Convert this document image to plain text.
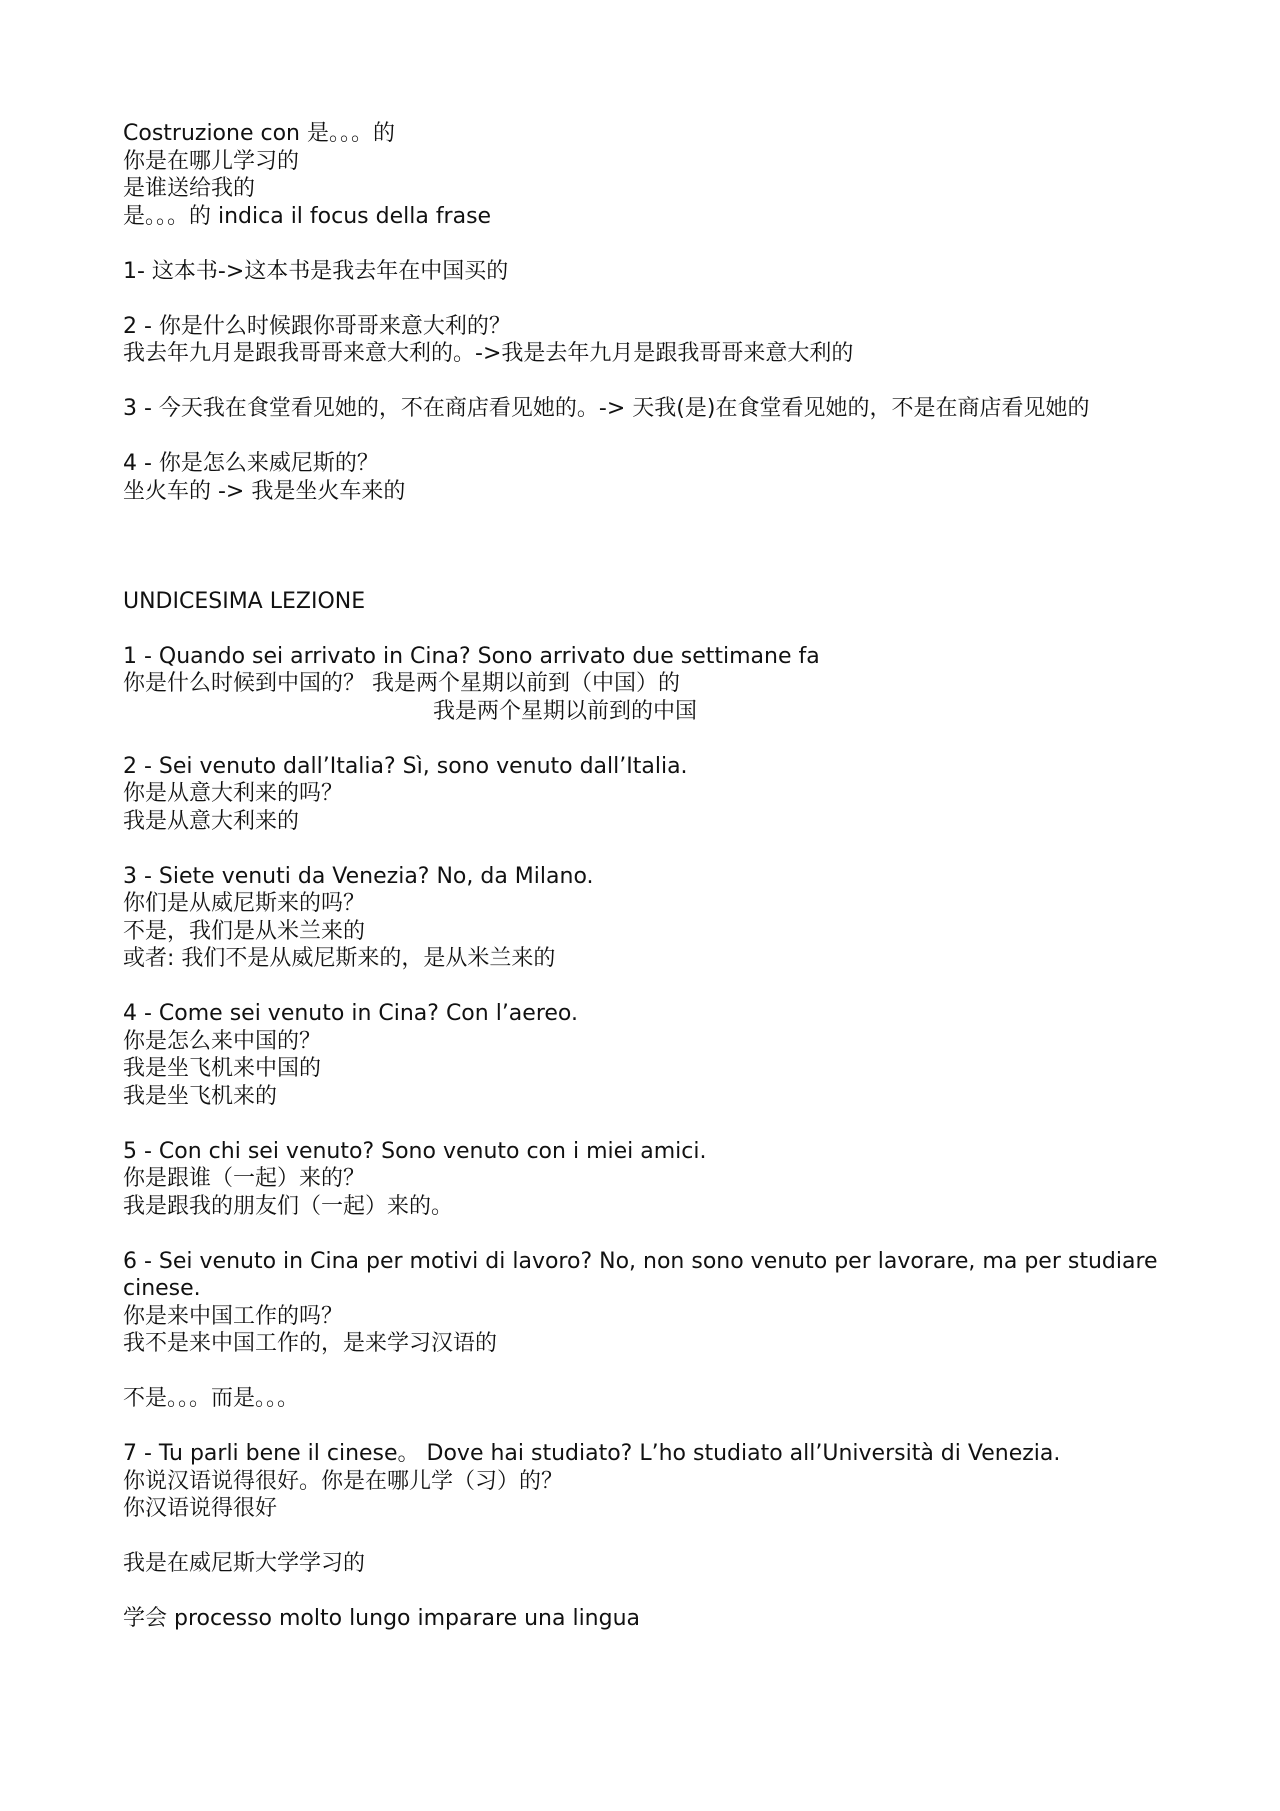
Costruzione con 是。。。的
你是在哪儿学习的
是谁送给我的
是。。。的 indica il focus della frase
1- 这本书->这本书是我去年在中国买的
2 - 你是什么时候跟你哥哥来意大利的？
我去年九月是跟我哥哥来意大利的。->我是去年九月是跟我哥哥来意大利的
3 - 今天我在食堂看见她的，不在商店看见她的。-> 天我(是)在食堂看见她的，不是在商店看见她的
4 - 你是怎么来威尼斯的？
坐火车的 -> 我是坐火车来的
UNDICESIMA LEZIONE
1 - Quando sei arrivato in Cina? Sono arrivato due settimane fa
你是什么时候到中国的？ 我是两个星期以前到（中国）的
我是两个星期以前到的中国
2 - Sei venuto dall’Italia? Sì, sono venuto dall’Italia.
你是从意大利来的吗？
我是从意大利来的
3 - Siete venuti da Venezia? No, da Milano.
你们是从威尼斯来的吗？
不是，我们是从米兰来的
或者: 我们不是从威尼斯来的，是从米兰来的
4 - Come sei venuto in Cina? Con l’aereo.
你是怎么来中国的？
我是坐飞机来中国的
我是坐飞机来的
5 - Con chi sei venuto? Sono venuto con i miei amici.
你是跟谁（一起）来的？
我是跟我的朋友们（一起）来的。
6 - Sei venuto in Cina per motivi di lavoro? No, non sono venuto per lavorare, ma per studiare cinese.
你是来中国工作的吗？
我不是来中国工作的，是来学习汉语的
不是。。。而是。。。
7 - Tu parli bene il cinese。 Dove hai studiato? L’ho studiato all’Università di Venezia.
你说汉语说得很好。你是在哪儿学（习）的？
你汉语说得很好
我是在威尼斯大学学习的
学会 processo molto lungo imparare una lingua
